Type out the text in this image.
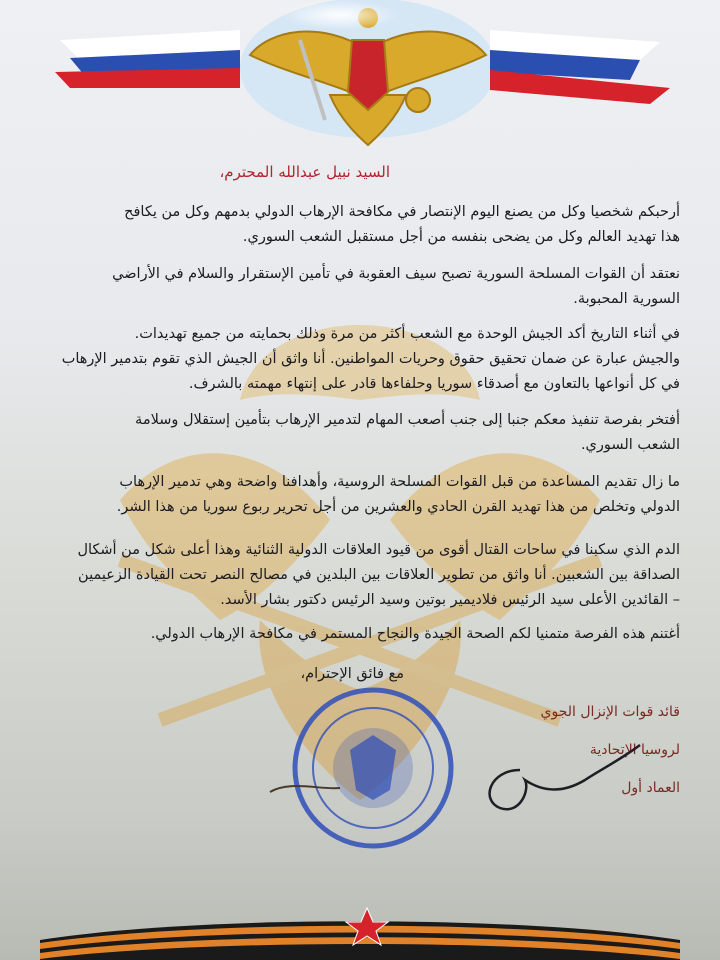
السيد نبيل عبدالله المحترم،
أرحبكم شخصيا وكل من يصنع اليوم الإنتصار في مكافحة الإرهاب الدولي بدمهم وكل من يكافح
هذا تهديد العالم وكل من يضحى بنفسه من أجل مستقبل الشعب السوري.
نعتقد أن القوات المسلحة السورية تصبح سيف العقوبة في تأمين الإستقرار والسلام في الأراضي
السورية المحبوبة.
في أثناء التاريخ أكد الجيش الوحدة مع الشعب أكثر من مرة وذلك بحمايته من جميع تهديدات.
والجيش عبارة عن ضمان تحقيق حقوق وحريات المواطنين. أنا واثق أن الجيش الذي تقوم بتدمير الإرهاب
في كل أنواعها بالتعاون مع أصدقاء سوريا وحلفاءها قادر على إنتهاء مهمته بالشرف.
أفتخر بفرصة تنفيذ معكم جنبا إلى جنب أصعب المهام لتدمير الإرهاب بتأمين إستقلال وسلامة
الشعب السوري.
ما زال تقديم المساعدة من قبل القوات المسلحة الروسية، وأهدافنا واضحة وهي تدمير الإرهاب
الدولي وتخلص من هذا تهديد القرن الحادي والعشرين من أجل تحرير ربوع سوريا من هذا الشر.
الدم الذي سكبنا في ساحات القتال أقوى من قيود العلاقات الدولية الثنائية وهذا أعلى شكل من أشكال
الصداقة بين الشعبين. أنا واثق من تطوير العلاقات بين البلدين في مصالح النصر تحت القيادة الزعيمين
– القائدين الأعلى سيد الرئيس فلاديمير بوتين وسيد الرئيس دكتور بشار الأسد.
أغتنم هذه الفرصة متمنيا لكم الصحة الجيدة والنجاح المستمر في مكافحة الإرهاب الدولي.
مع فائق الإحترام،
قائد قوات الإنزال الجوي
لروسيا الإتحادية
العماد أول
